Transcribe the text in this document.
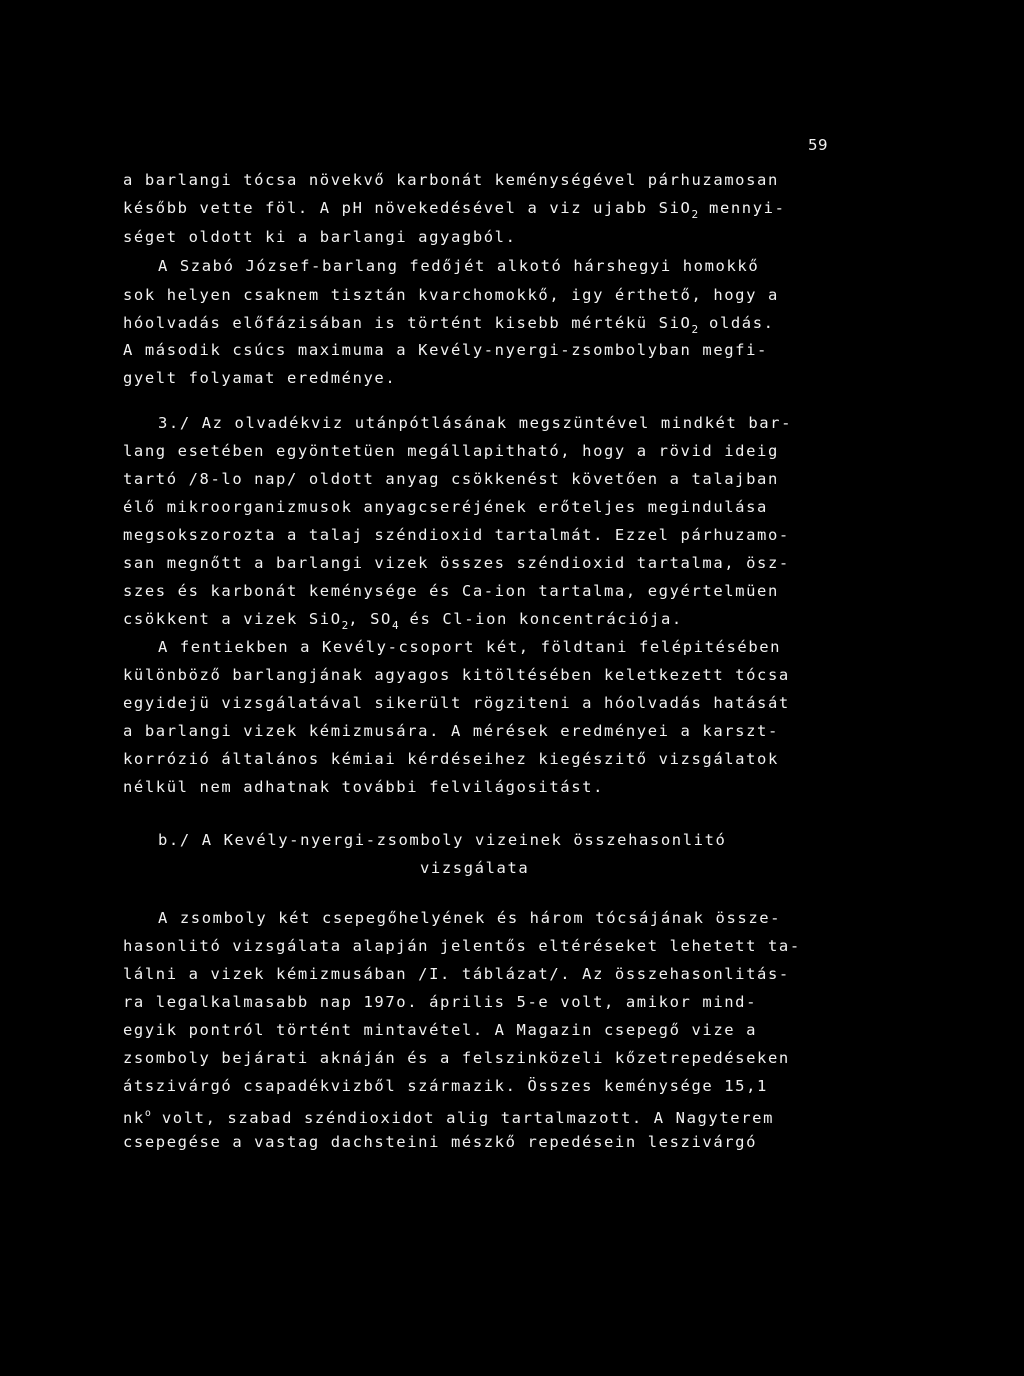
59
a barlangi tócsa növekvő karbonát keménységével párhuzamosan
később vette föl. A pH növekedésével a viz ujabb SiO$_2$ mennyi-
séget oldott ki a barlangi agyagból.
A Szabó József-barlang fedőjét alkotó hárshegyi homokkő
sok helyen csaknem tisztán kvarchomokkő, igy érthető, hogy a
hóolvadás előfázisában is történt kisebb mértékü SiO$_2$ oldás.
A második csúcs maximuma a Kevély-nyergi-zsombolyban megfi-
gyelt folyamat eredménye.
3./ Az olvadékviz utánpótlásának megszüntével mindkét bar-
lang esetében egyöntetüen megállapitható, hogy a rövid ideig
tartó /8-lo nap/ oldott anyag csökkenést követően a talajban
élő mikroorganizmusok anyagcseréjének erőteljes megindulása
megsokszorozta a talaj széndioxid tartalmát. Ezzel párhuzamo-
san megnőtt a barlangi vizek összes széndioxid tartalma, ösz-
szes és karbonát keménysége és Ca-ion tartalma, egyértelmüen
csökkent a vizek SiO$_2$, $SO_4$ és Cl-ion koncentrációja.
A fentiekben a Kevély-csoport két, földtani felépitésében
különböző barlangjának agyagos kitöltésében keletkezett tócsa
egyidejü vizsgálatával sikerült rögziteni a hóolvadás hatását
a barlangi vizek kémizmusára. A mérések eredményei a karszt-
korrózió általános kémiai kérdéseihez kiegészitő vizsgálatok
nélkül nem adhatnak további felvilágositást.
b./ A Kevély-nyergi-zsomboly vizeinek összehasonlitó
vizsgálata
A zsomboly két csepegőhelyének és három tócsájának össze-
hasonlitó vizsgálata alapján jelentős eltéréseket lehetett ta-
lálni a vizek kémizmusában /I. táblázat/. Az összehasonlitás-
ra legalkalmasabb nap 197o. április 5-e volt, amikor mind-
egyik pontról történt mintavétel. A Magazin csepegő vize a
zsomboly bejárati aknáján és a felszinközeli kőzetrepedéseken
átszivárgó csapadékvizből származik. Összes keménysége 15,1
$nk^o$ volt, szabad széndioxidot alig tartalmazott. A Nagyterem
csepegése a vastag dachsteini mészkő repedésein leszivárgó
